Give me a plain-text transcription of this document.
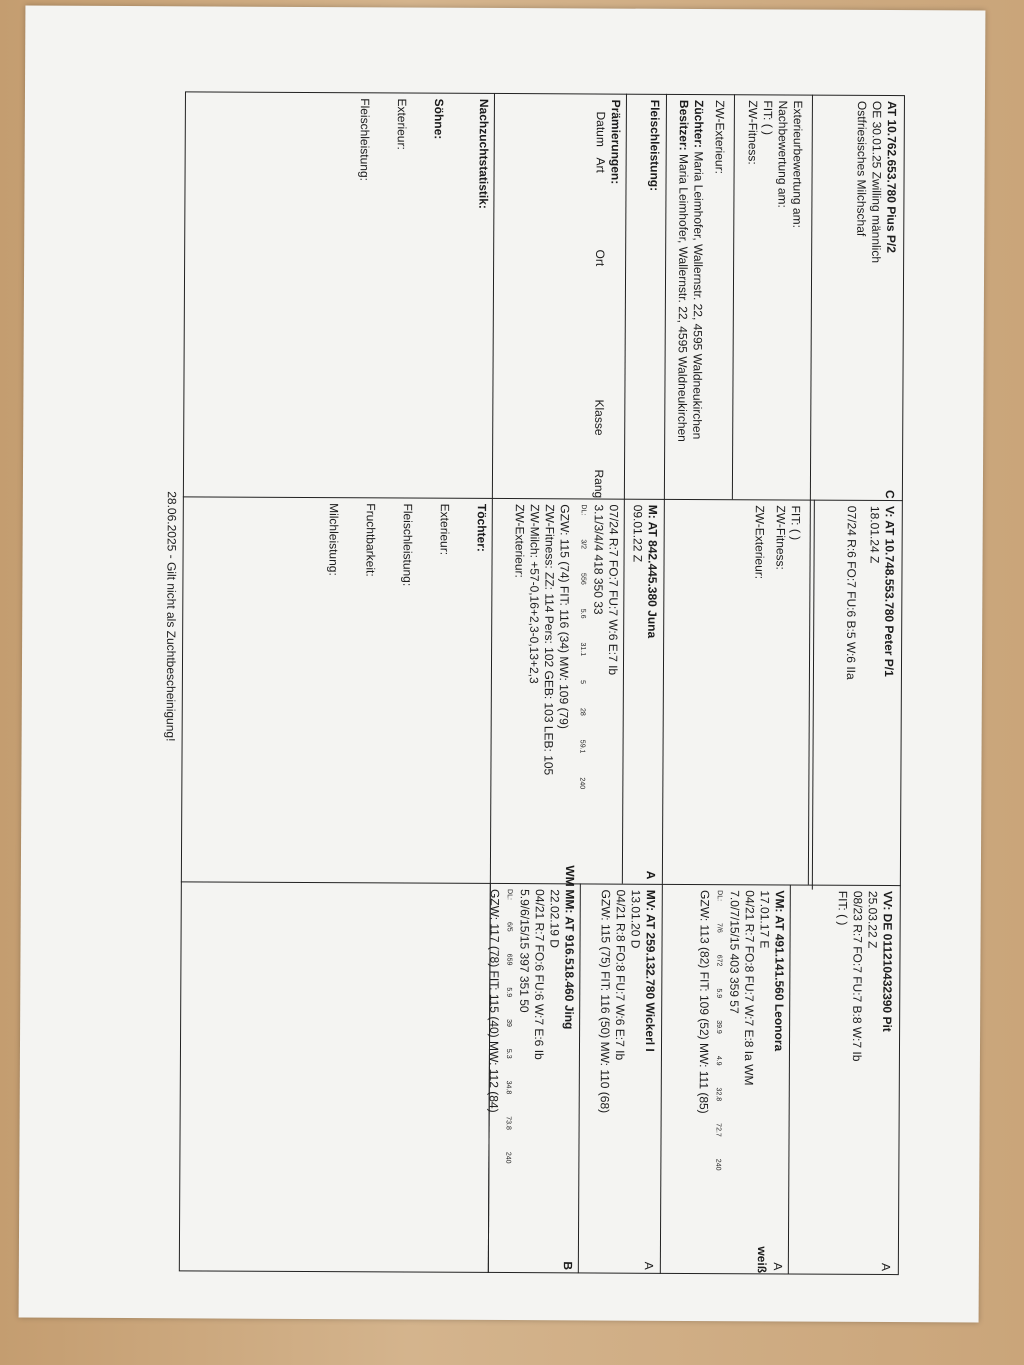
AT 10.762.653.780 Pius P/2
OE 30.01.25 Zwilling männlich
Ostfriesisches Milchschaf
Exterieurbewertung am:
Nachbewertung am:
FIT: ( )
ZW-Fitness:
ZW-Exterieur:
Züchter: Maria Leimhofer, Wallernstr. 22, 4595 Waldneukirchen
Besitzer: Maria Leimhofer, Wallernstr. 22, 4595 Waldneukirchen
Fleischleistung:
Prämierungen:
Datum
Art
Ort
Klasse
Rang
V: AT 10.748.553.780 Peter P/1
18.01.24 Z
07/24 R:6 FO:7 FU:6 B:5 W:6 IIa
C
FIT: ( )
ZW-Fitness:
ZW-Exterieur:
M: AT 842.445.380 Juna
09.01.22 Z
A
07/24 R:7 FO:7 FU:7 W:6 E:7 Ib
3.1/3/4/4 418 350 33
DL:
3/2
556
5.6
31.1
5
28
59.1
240
GZW: 115 (74) FIT: 116 (34) MW: 109 (79)
ZW-Fitness: ZZ: 114 Pers: 102 GEB: 103 LEB: 105
ZW-Milch: +57-0,16+2,3-0,13+2,3
ZW-Exterieur:
VV: DE 011210432390 Pit
25.03.22 Z
08/23 R:7 FO:7 FU:7 B:8 W:7 Ib
FIT: ( )
A
VM: AT 491.141.560 Leonora
17.01.17 E
04/21 R:7 FO:8 FU:7 W:7 E:8 Ia WM
7.0/7/15/15 403 359 57
DL:
7/6
672
5.9
39.9
4.9
32.8
72.7
240
GZW: 113 (82) FIT: 109 (52) MW: 111 (85)
A
weiß
MV: AT 259.132.780 Wickerl I
13.01.20 D
04/21 R:8 FO:8 FU:7 W:6 E:7 Ib
GZW: 115 (75) FIT: 116 (50) MW: 110 (68)
A
MM: AT 916.518.460 Jing
22.02.19 D
04/21 R:7 FO:6 FU:6 W:7 E:6 Ib
5.9/6/15/15 397 351 50
DL:
6/5
659
5.9
39
5.3
34.8
73.8
240
GZW: 117 (78) FIT: 115 (40) MW: 112 (84)
WM
B
Nachzuchtstatistik:
Söhne:
Exterieur:
Fleischleistung:
Töchter:
Exterieur:
Fleischleistung:
Fruchtbarkeit:
Milchleistung:
28.06.2025 - Gilt nicht als Zuchtbescheinigung!
